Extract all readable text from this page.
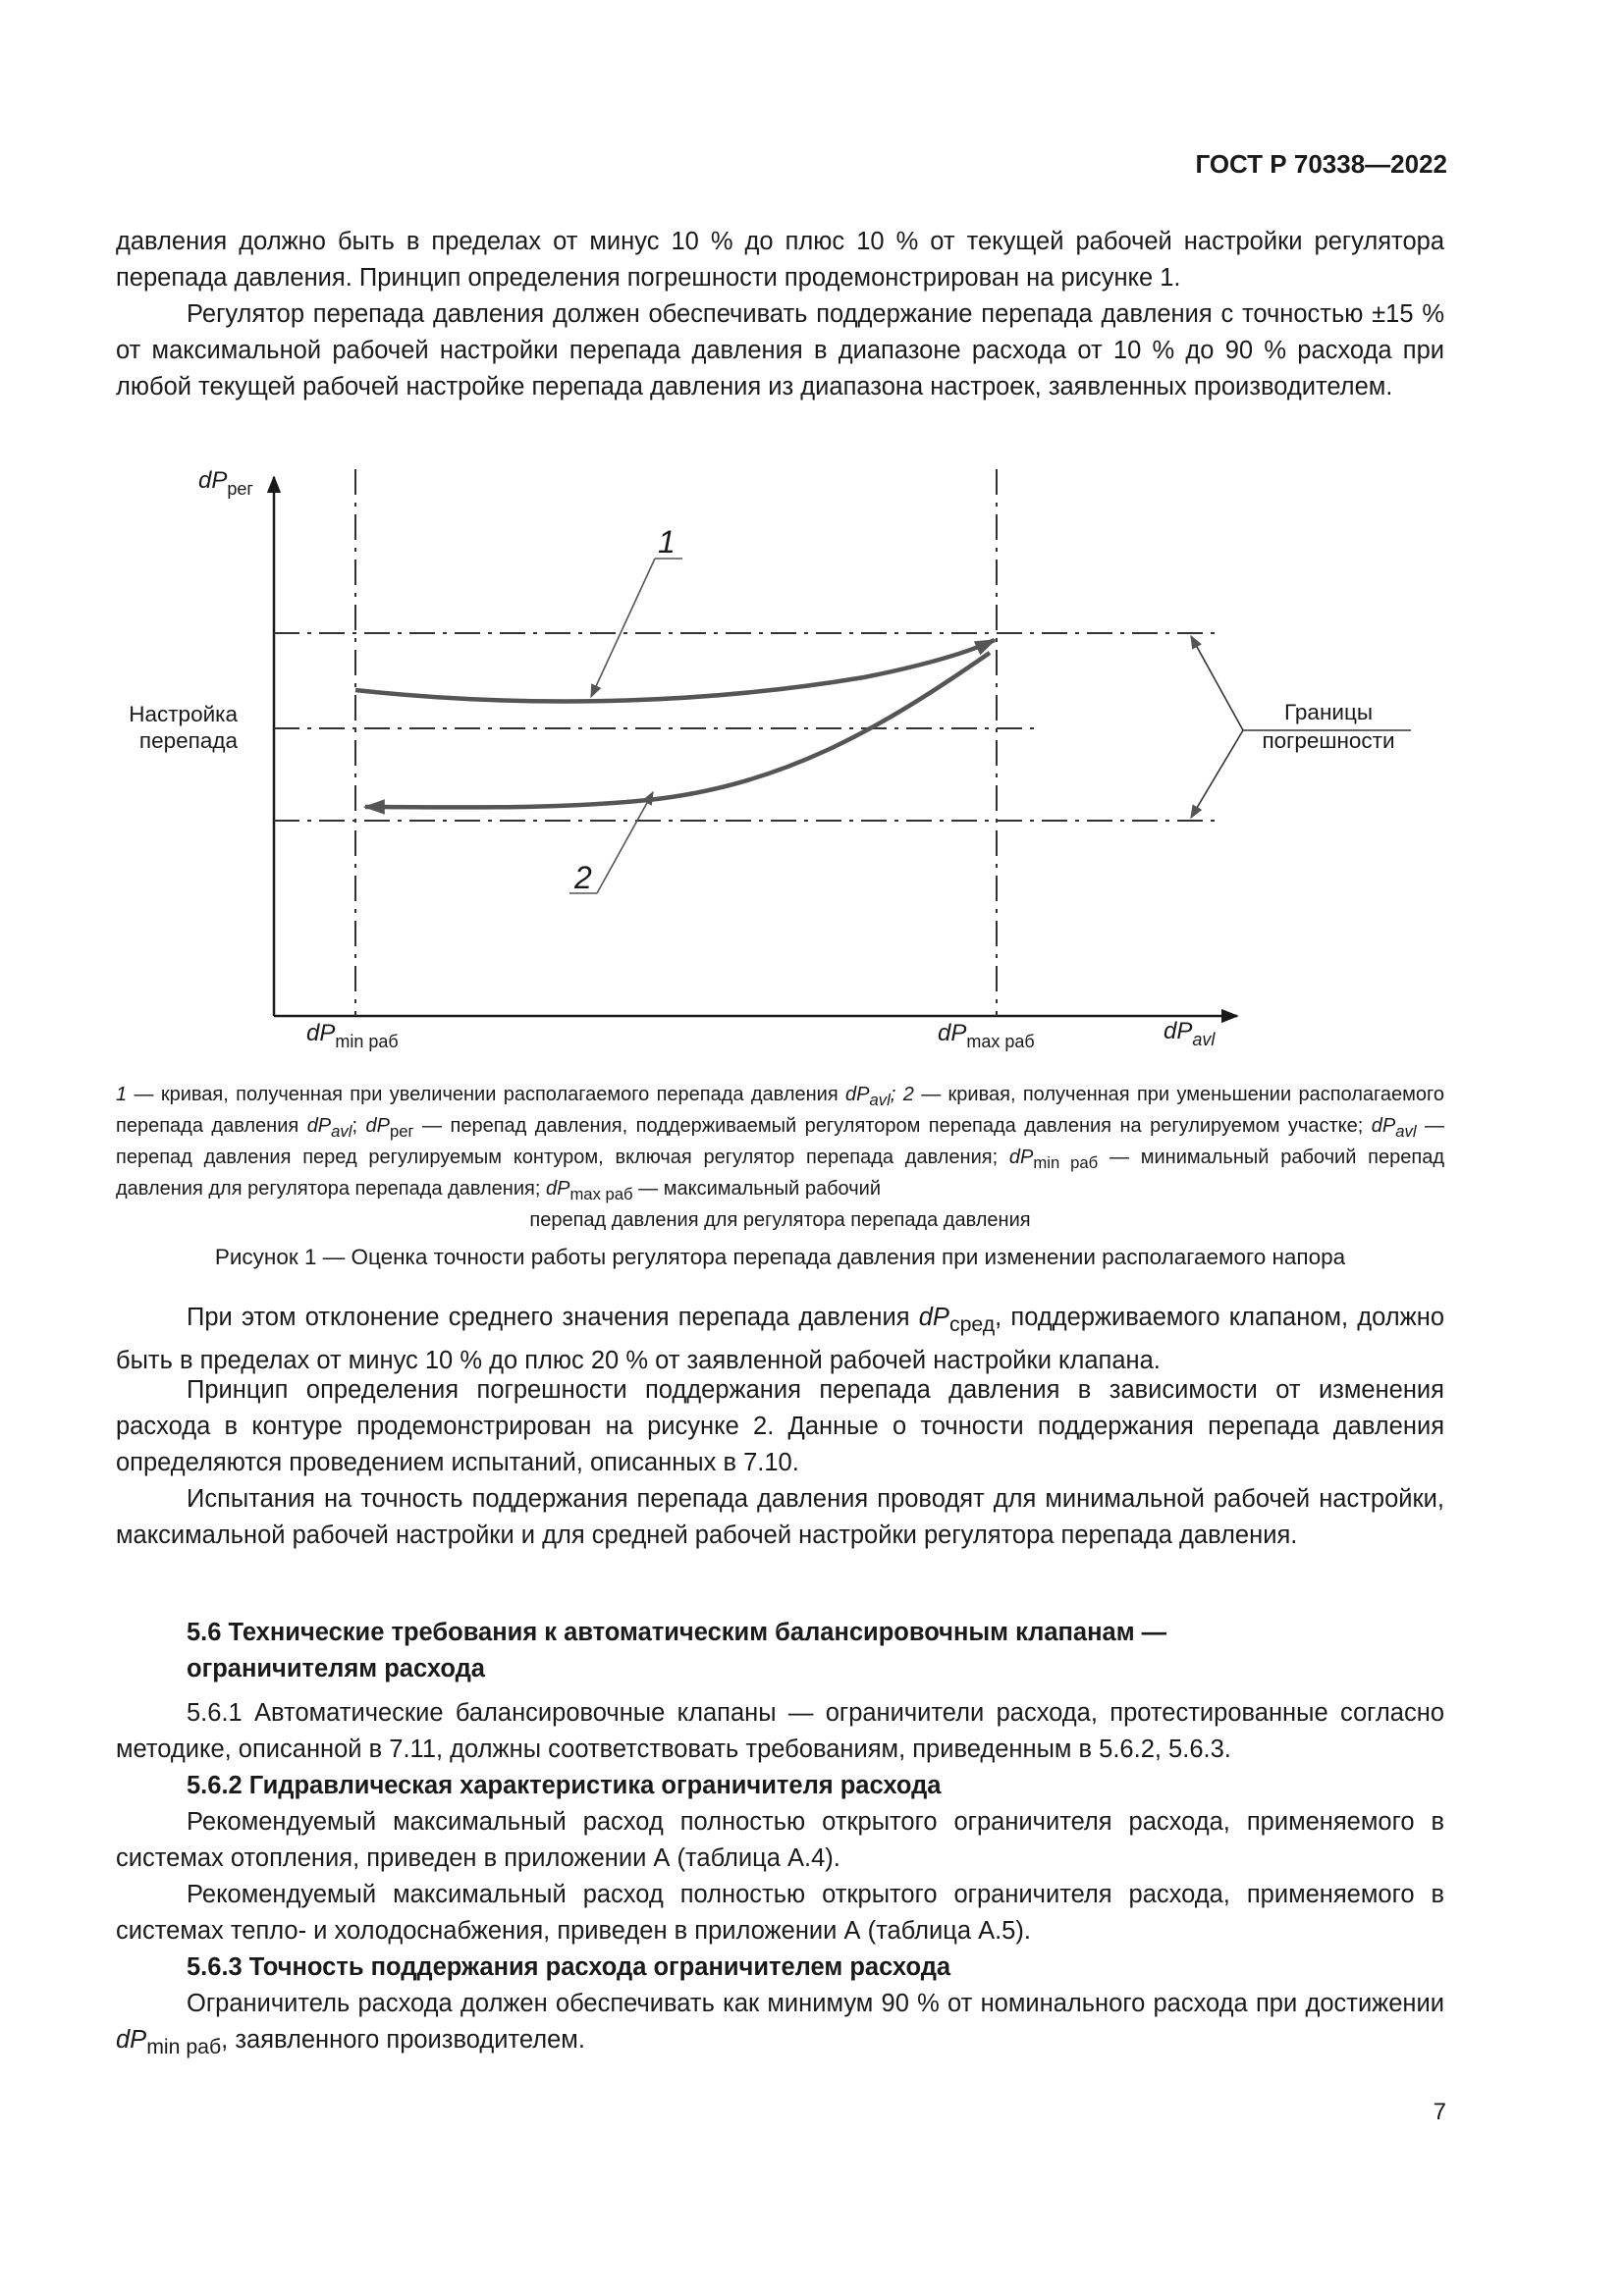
ГОСТ Р 70338—2022

давления должно быть в пределах от минус 10 % до плюс 10 % от текущей рабочей настройки регулятора перепада давления. Принцип определения погрешности продемонстрирован на рисунке 1.

Регулятор перепада давления должен обеспечивать поддержание перепада давления с точностью ±15 % от максимальной рабочей настройки перепада давления в диапазоне расхода от 10 % до 90 % расхода при любой текущей рабочей настройке перепада давления из диапазона настроек, заявленных производителем.

$dP_{рег}$
Настройка
перепада
Границы
погрешности
1
2
$dP_{min раб}$	$dP_{max раб}$	$dP_{avl}$
1 — кривая, полученная при увеличении располагаемого перепада давления $dP_{avl}$; 2 — кривая, полученная при уменьшении располагаемого перепада давления $dP_{avl}$; $dP_{рег}$ — перепад давления, поддерживаемый регулятором перепада давления на регулируемом участке; $dP_{avl}$ — перепад давления перед регулируемым контуром, включая регулятор перепада давления; $dP_{min раб}$ — минимальный рабочий перепад давления для регулятора перепада давления; $dP_{max раб}$ — максимальный рабочий
перепад давления для регулятора перепада давления

Рисунок 1 — Оценка точности работы регулятора перепада давления при изменении располагаемого напора

При этом отклонение среднего значения перепада давления $dP_{сред}$, поддерживаемого клапаном, должно быть в пределах от минус 10 % до плюс 20 % от заявленной рабочей настройки клапана.

Принцип определения погрешности поддержания перепада давления в зависимости от изменения расхода в контуре продемонстрирован на рисунке 2. Данные о точности поддержания перепада давления определяются проведением испытаний, описанных в 7.10.

Испытания на точность поддержания перепада давления проводят для минимальной рабочей настройки, максимальной рабочей настройки и для средней рабочей настройки регулятора перепада давления.

5.6 Технические требования к автоматическим балансировочным клапанам —
ограничителям расхода

5.6.1 Автоматические балансировочные клапаны — ограничители расхода, протестированные согласно методике, описанной в 7.11, должны соответствовать требованиям, приведенным в 5.6.2, 5.6.3.

5.6.2 Гидравлическая характеристика ограничителя расхода

Рекомендуемый максимальный расход полностью открытого ограничителя расхода, применяемого в системах отопления, приведен в приложении А (таблица А.4).

Рекомендуемый максимальный расход полностью открытого ограничителя расхода, применяемого в системах тепло- и холодоснабжения, приведен в приложении А (таблица А.5).

5.6.3 Точность поддержания расхода ограничителем расхода

Ограничитель расхода должен обеспечивать как минимум 90 % от номинального расхода при достижении $dP_{min раб}$, заявленного производителем.

7
